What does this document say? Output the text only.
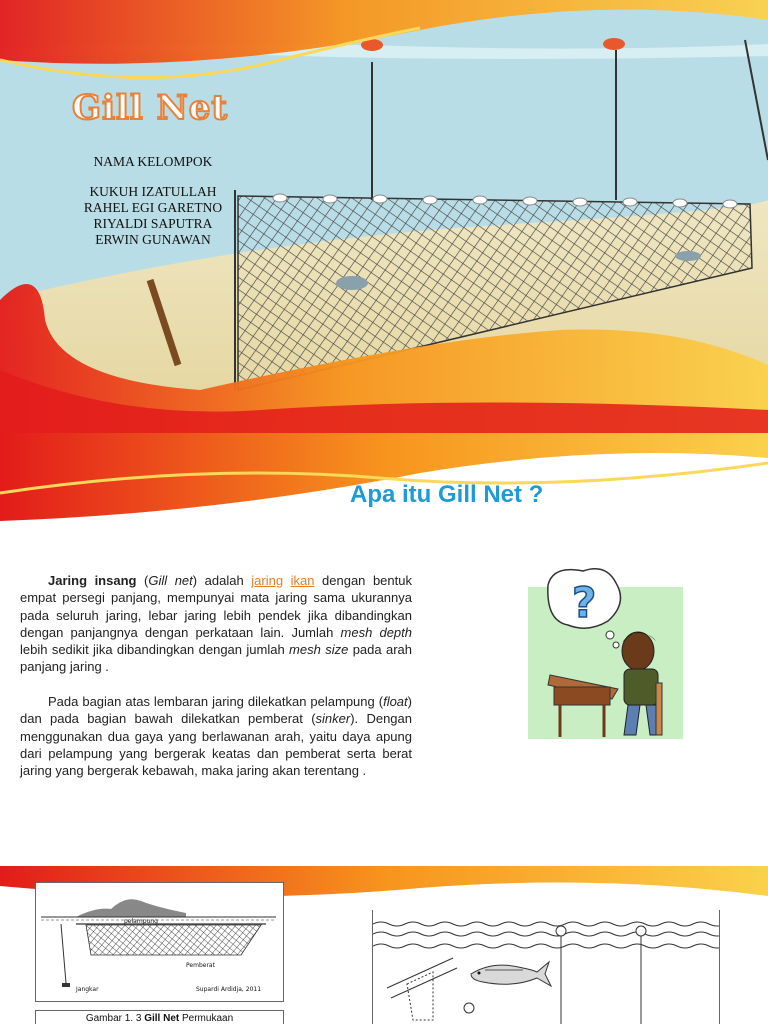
Gill Net
NAMA KELOMPOK
KUKUH IZATULLAH
RAHEL EGI GARETNO
RIYALDI SAPUTRA
ERWIN GUNAWAN
Apa itu Gill Net ?

Jaring insang (Gill net) adalah jaring ikan dengan bentuk empat persegi panjang, mempunyai mata jaring sama ukurannya pada seluruh jaring, lebar jaring lebih pendek jika dibandingkan dengan panjangnya dengan perkataan lain. Jumlah mesh depth lebih sedikit jika dibandingkan dengan jumlah mesh size pada arah panjang jaring .

Pada bagian atas lembaran jaring dilekatkan pelampung (float) dan pada bagian bawah dilekatkan pemberat (sinker). Dengan menggunakan dua gaya yang berlawanan arah, yaitu daya apung dari pelampung yang bergerak keatas dan pemberat serta berat jaring yang bergerak kebawah, maka jaring akan terentang .

?
pelampung
Pemberat
Jangkar	Supardi Ardidja, 2011
Gambar 1. 3 Gill Net Permukaan
